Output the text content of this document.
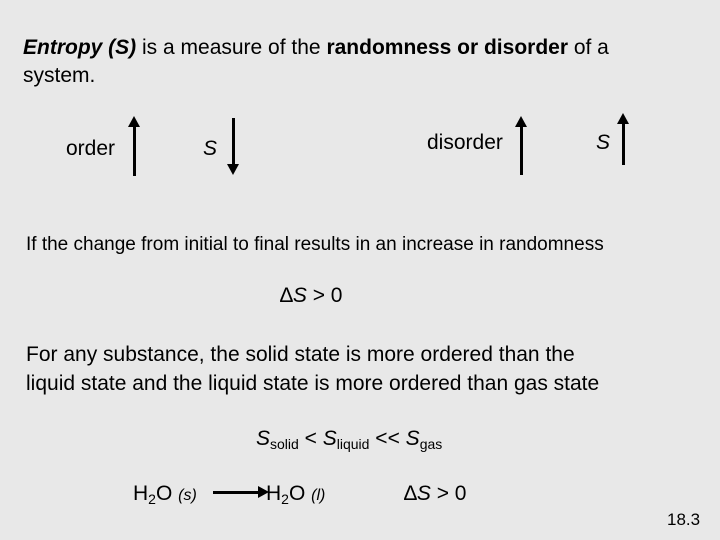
Entropy (S) is a measure of the randomness or disorder of a
system.
order	S	disorder	S
If the change from initial to final results in an increase in randomness
∆S > 0
For any substance, the solid state is more ordered than the
liquid state and the liquid state is more ordered than gas state
$S_{solid} < S_{liquid} << S_{gas}$
$H_2O$ $(s) \to H_2O$ (l)	∆S > 0
18.3
